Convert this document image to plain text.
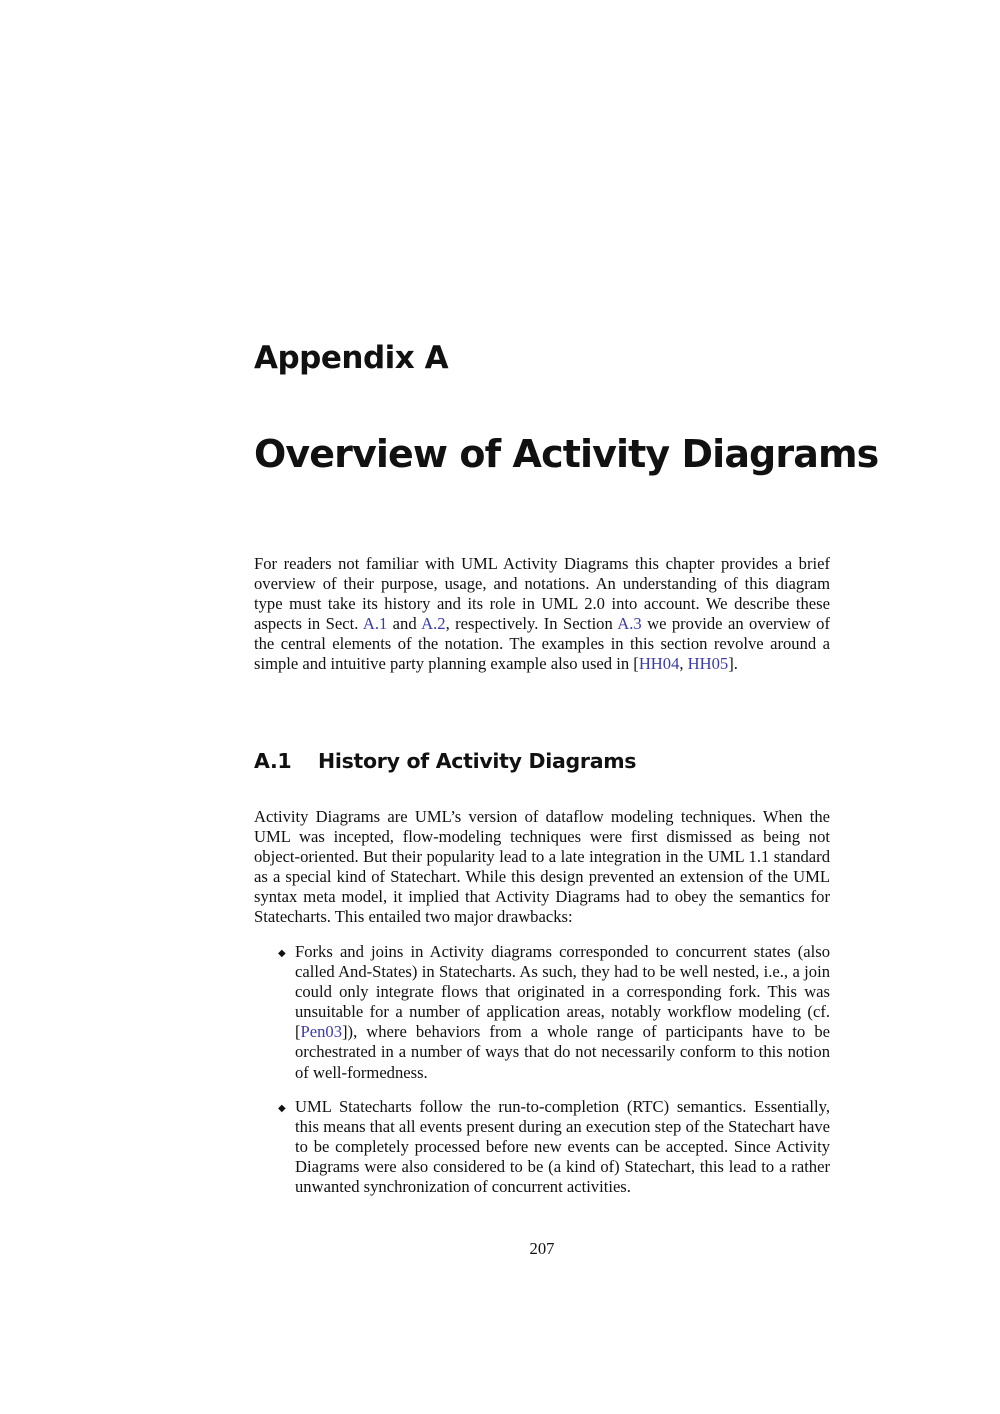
Appendix A
Overview of Activity Diagrams

For readers not familiar with UML Activity Diagrams this chapter provides a brief overview of their purpose, usage, and notations. An understanding of this diagram type must take its history and its role in UML 2.0 into account. We describe these aspects in Sect. A.1 and A.2, respectively. In Section A.3 we provide an overview of the central elements of the notation. The examples in this section revolve around a simple and intuitive party planning example also used in [HH04, HH05].

A.1 History of Activity Diagrams

Activity Diagrams are UML’s version of dataflow modeling techniques. When the UML was incepted, flow-modeling techniques were first dismissed as being not object-oriented. But their popularity lead to a late integration in the UML 1.1 standard as a special kind of Statechart. While this design prevented an extension of the UML syntax meta model, it implied that Activity Diagrams had to obey the semantics for Statecharts. This entailed two major drawbacks:

◆ Forks and joins in Activity diagrams corresponded to concurrent states (also called And-States) in Statecharts. As such, they had to be well nested, i.e., a join could only integrate flows that originated in a corresponding fork. This was unsuitable for a number of application areas, notably workflow modeling (cf. [Pen03]), where behaviors from a whole range of participants have to be orchestrated in a number of ways that do not necessarily conform to this notion of well-formedness.

◆ UML Statecharts follow the run-to-completion (RTC) semantics. Essentially, this means that all events present during an execution step of the Statechart have to be completely processed before new events can be accepted. Since Activity Diagrams were also considered to be (a kind of) Statechart, this lead to a rather unwanted synchronization of concurrent activities.

207
